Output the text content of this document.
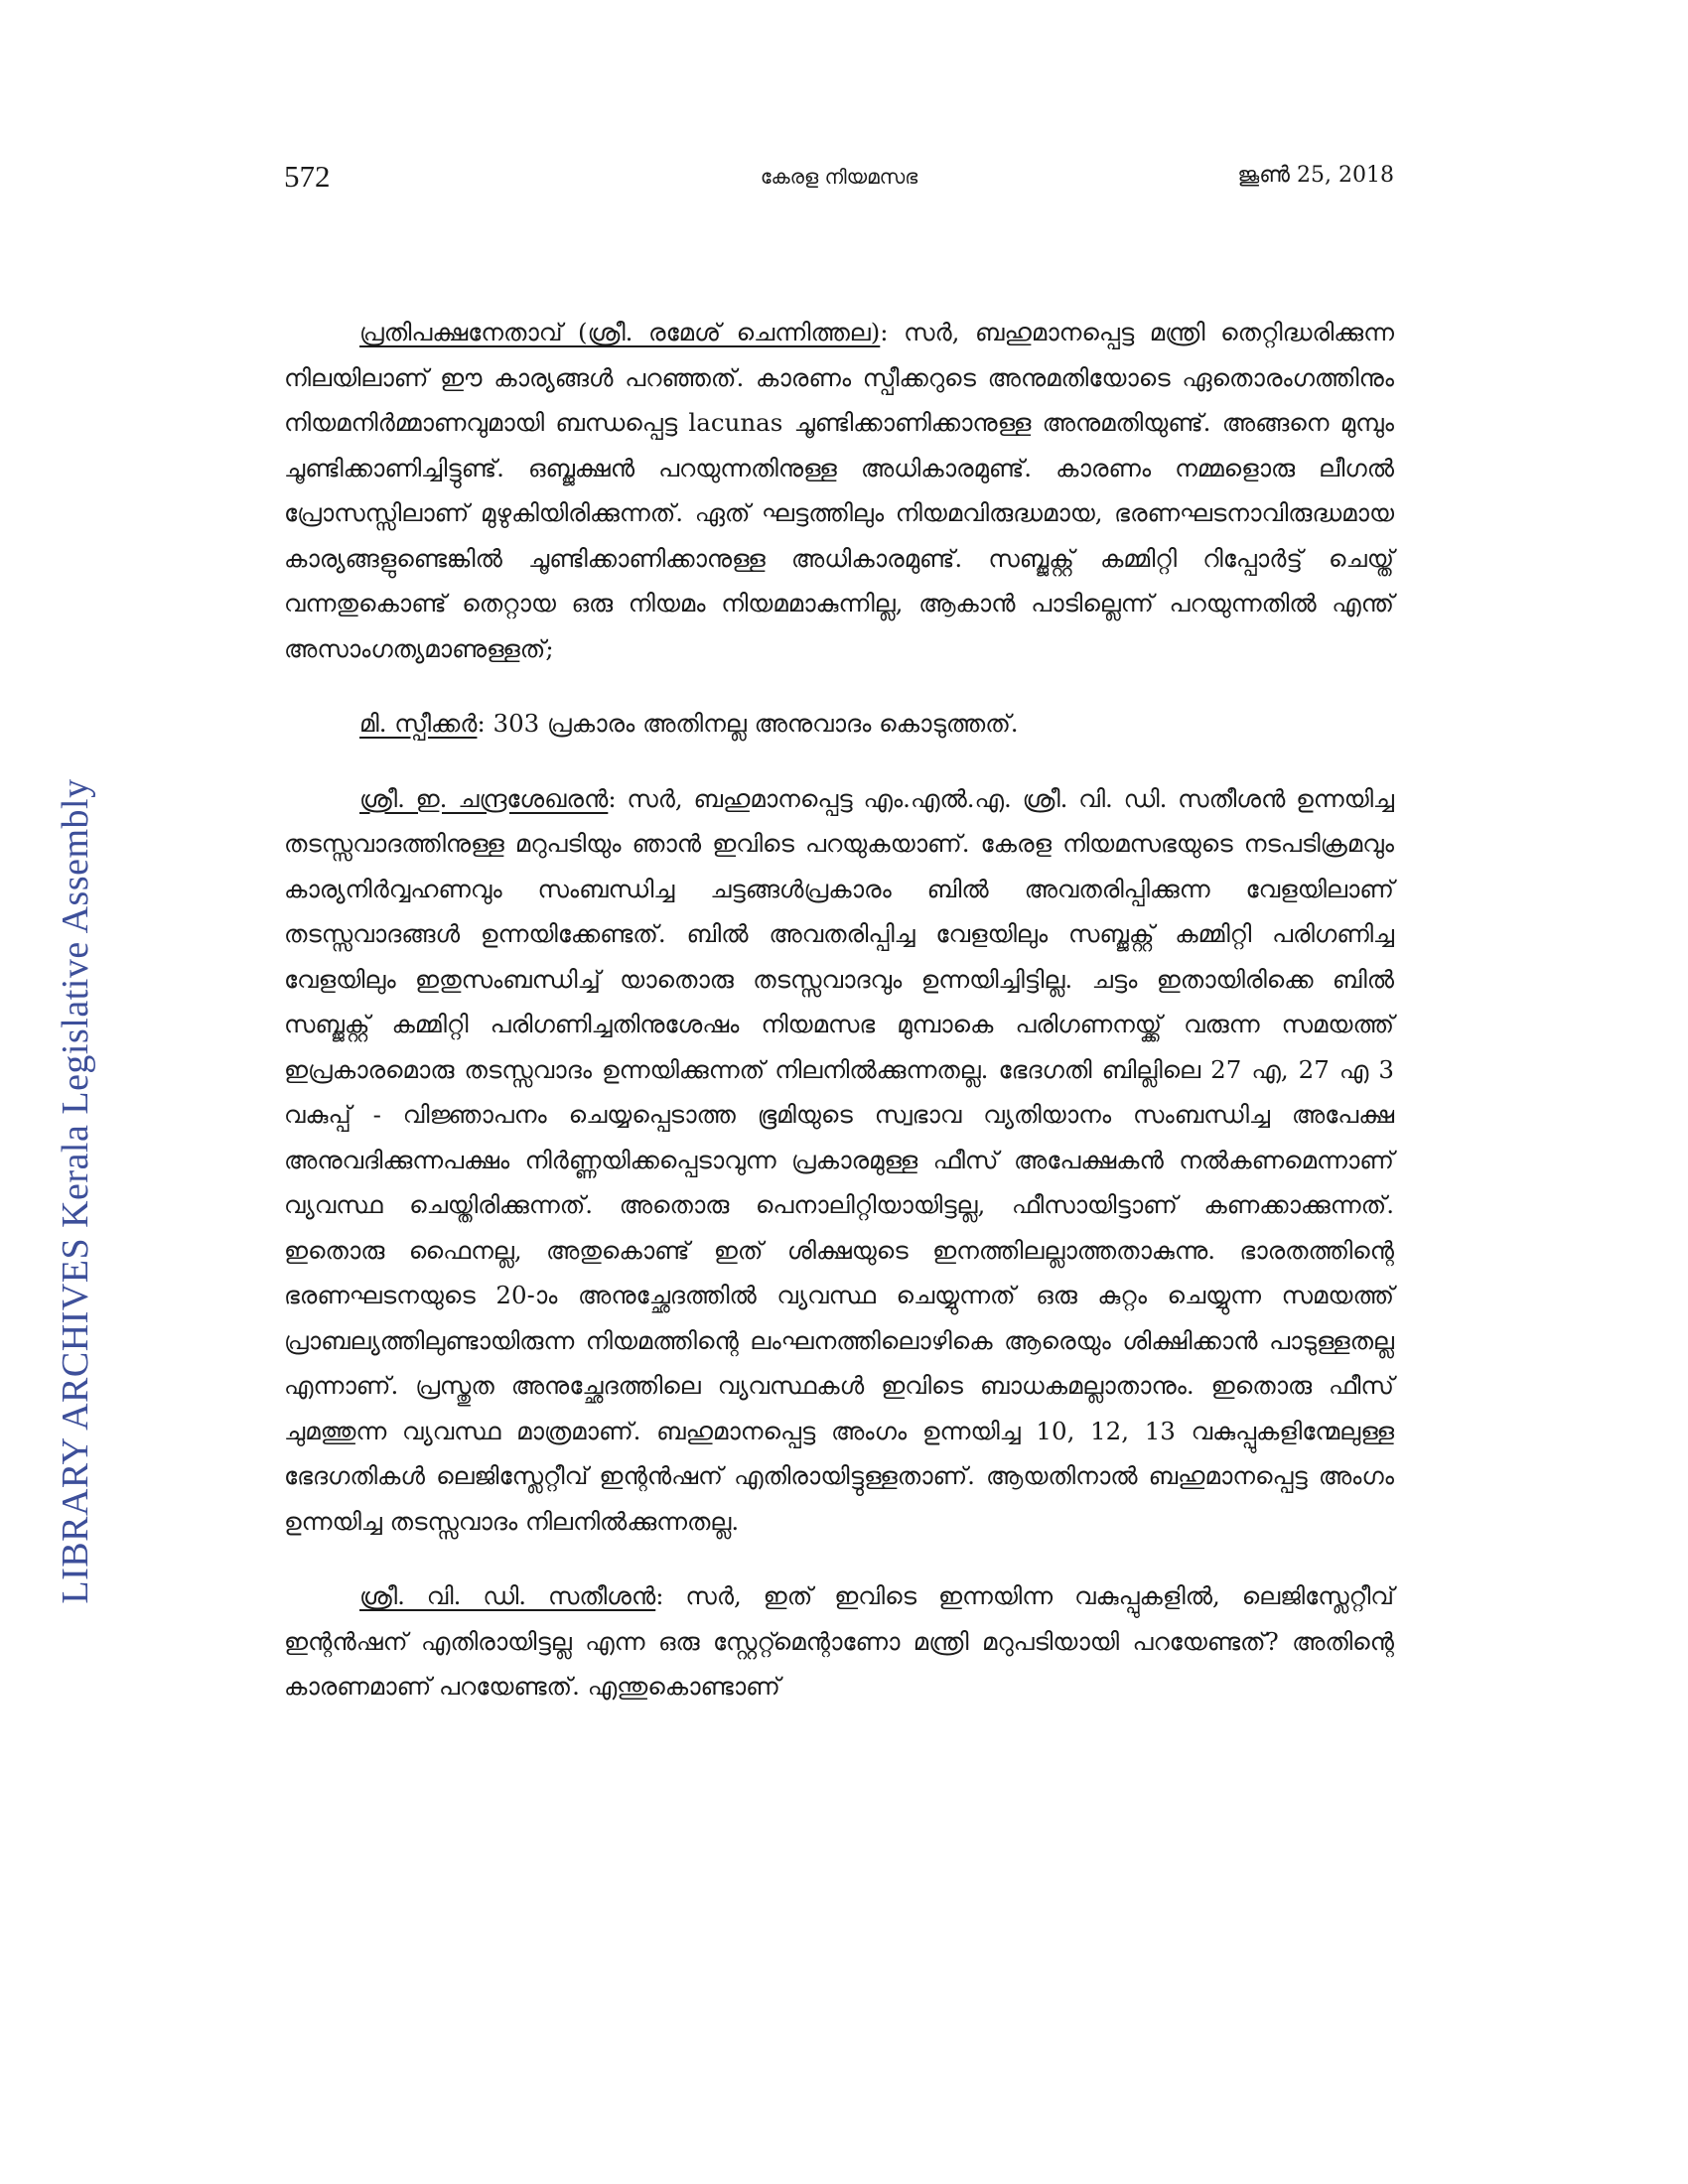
LIBRARY ARCHIVES Kerala Legislative Assembly
572	കേരള നിയമസഭ	ജൂൺ 25, 2018

പ്രതിപക്ഷനേതാവ് (ശ്രീ. രമേശ് ചെന്നിത്തല): സർ, ബഹുമാനപ്പെട്ട മന്ത്രി തെറ്റിദ്ധരിക്കുന്ന നിലയിലാണ് ഈ കാര്യങ്ങൾ പറഞ്ഞത്. കാരണം സ്പീക്കറുടെ അനുമതിയോടെ ഏതൊരംഗത്തിനും നിയമനിർമ്മാണവുമായി ബന്ധപ്പെട്ട lacunas ചൂണ്ടിക്കാണിക്കാനുള്ള അനുമതിയുണ്ട്. അങ്ങനെ മുമ്പും ചൂണ്ടിക്കാണിച്ചിട്ടുണ്ട്. ഒബ്ജക്ഷൻ പറയുന്നതിനുള്ള അധികാരമുണ്ട്. കാരണം നമ്മളൊരു ലീഗൽ പ്രോസസ്സിലാണ് മുഴുകിയിരിക്കുന്നത്. ഏത് ഘട്ടത്തിലും നിയമവിരുദ്ധമായ, ഭരണഘടനാവിരുദ്ധമായ കാര്യങ്ങളുണ്ടെങ്കിൽ ചൂണ്ടിക്കാണിക്കാനുള്ള അധികാരമുണ്ട്. സബ്ജക്റ്റ് കമ്മിറ്റി റിപ്പോർട്ട് ചെയ്ത് വന്നതുകൊണ്ട് തെറ്റായ ഒരു നിയമം നിയമമാകുന്നില്ല, ആകാൻ പാടില്ലെന്ന് പറയുന്നതിൽ എന്ത് അസാംഗത്യമാണുള്ളത്;

മി. സ്പീക്കർ: 303 പ്രകാരം അതിനല്ല അനുവാദം കൊടുത്തത്.

ശ്രീ. ഇ. ചന്ദ്രശേഖരൻ: സർ, ബഹുമാനപ്പെട്ട എം.എൽ.എ. ശ്രീ. വി. ഡി. സതീശൻ ഉന്നയിച്ച തടസ്സവാദത്തിനുള്ള മറുപടിയും ഞാൻ ഇവിടെ പറയുകയാണ്. കേരള നിയമസഭയുടെ നടപടിക്രമവും കാര്യനിർവ്വഹണവും സംബന്ധിച്ച ചട്ടങ്ങൾപ്രകാരം ബിൽ അവതരിപ്പിക്കുന്ന വേളയിലാണ് തടസ്സവാദങ്ങൾ ഉന്നയിക്കേണ്ടത്. ബിൽ അവതരിപ്പിച്ച വേളയിലും സബ്ജക്റ്റ് കമ്മിറ്റി പരിഗണിച്ച വേളയിലും ഇതുസംബന്ധിച്ച് യാതൊരു തടസ്സവാദവും ഉന്നയിച്ചിട്ടില്ല. ചട്ടം ഇതായിരിക്കെ ബിൽ സബ്ജക്റ്റ് കമ്മിറ്റി പരിഗണിച്ചതിനുശേഷം നിയമസഭ മുമ്പാകെ പരിഗണനയ്ക്ക് വരുന്ന സമയത്ത് ഇപ്രകാരമൊരു തടസ്സവാദം ഉന്നയിക്കുന്നത് നിലനിൽക്കുന്നതല്ല. ഭേദഗതി ബില്ലിലെ 27 എ, 27 എ 3 വകുപ്പ് - വിജ്ഞാപനം ചെയ്യപ്പെടാത്ത ഭൂമിയുടെ സ്വഭാവ വ്യതിയാനം സംബന്ധിച്ച അപേക്ഷ അനുവദിക്കുന്നപക്ഷം നിർണ്ണയിക്കപ്പെടാവുന്ന പ്രകാരമുള്ള ഫീസ് അപേക്ഷകൻ നൽകണമെന്നാണ് വ്യവസ്ഥ ചെയ്തിരിക്കുന്നത്. അതൊരു പെനാലിറ്റിയായിട്ടല്ല, ഫീസായിട്ടാണ് കണക്കാക്കുന്നത്. ഇതൊരു ഫൈനല്ല, അതുകൊണ്ട് ഇത് ശിക്ഷയുടെ ഇനത്തിലല്ലാത്തതാകുന്നു. ഭാരതത്തിന്റെ ഭരണഘടനയുടെ 20-ാം അനുച്ഛേദത്തിൽ വ്യവസ്ഥ ചെയ്യുന്നത് ഒരു കുറ്റം ചെയ്യുന്ന സമയത്ത് പ്രാബല്യത്തിലുണ്ടായിരുന്ന നിയമത്തിന്റെ ലംഘനത്തിലൊഴികെ ആരെയും ശിക്ഷിക്കാൻ പാടുള്ളതല്ല എന്നാണ്. പ്രസ്തുത അനുച്ഛേദത്തിലെ വ്യവസ്ഥകൾ ഇവിടെ ബാധകമല്ലാതാനും. ഇതൊരു ഫീസ് ചുമത്തുന്ന വ്യവസ്ഥ മാത്രമാണ്. ബഹുമാനപ്പെട്ട അംഗം ഉന്നയിച്ച 10, 12, 13 വകുപ്പുകളിന്മേലുള്ള ഭേദഗതികൾ ലെജിസ്ലേറ്റീവ് ഇന്റൻഷന് എതിരായിട്ടുള്ളതാണ്. ആയതിനാൽ ബഹുമാനപ്പെട്ട അംഗം ഉന്നയിച്ച തടസ്സവാദം നിലനിൽക്കുന്നതല്ല.

ശ്രീ. വി. ഡി. സതീശൻ: സർ, ഇത് ഇവിടെ ഇന്നയിന്ന വകുപ്പുകളിൽ, ലെജിസ്ലേറ്റീവ് ഇന്റൻഷന് എതിരായിട്ടല്ല എന്ന ഒരു സ്റ്റേറ്റ്മെന്റാണോ മന്ത്രി മറുപടിയായി പറയേണ്ടത്? അതിന്റെ കാരണമാണ് പറയേണ്ടത്. എന്തുകൊണ്ടാണ്
